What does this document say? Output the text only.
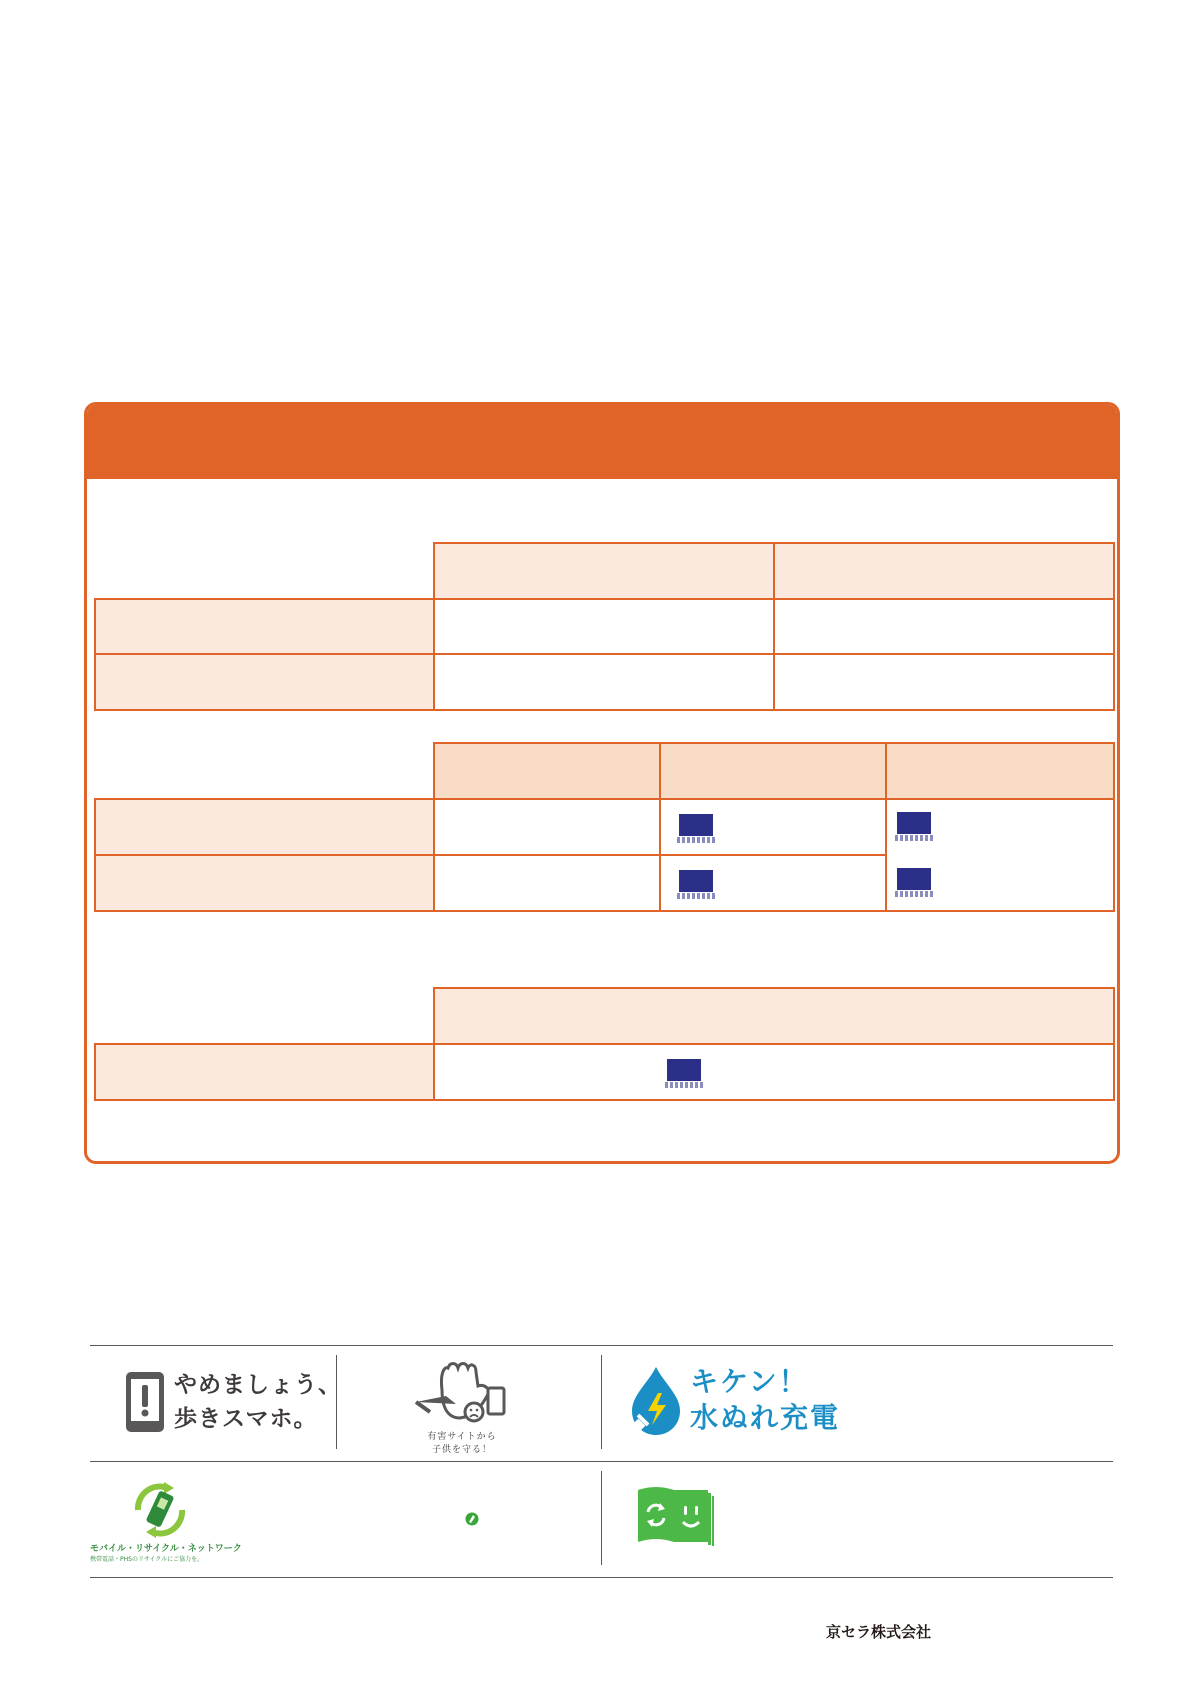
やめましょう、
歩きスマホ。
有害サイトから
子供を守る！
キケン！
水ぬれ充電
モバイル・リサイクル・ネットワーク
携帯電話・PHSのリサイクルにご協力を。
京セラ株式会社
